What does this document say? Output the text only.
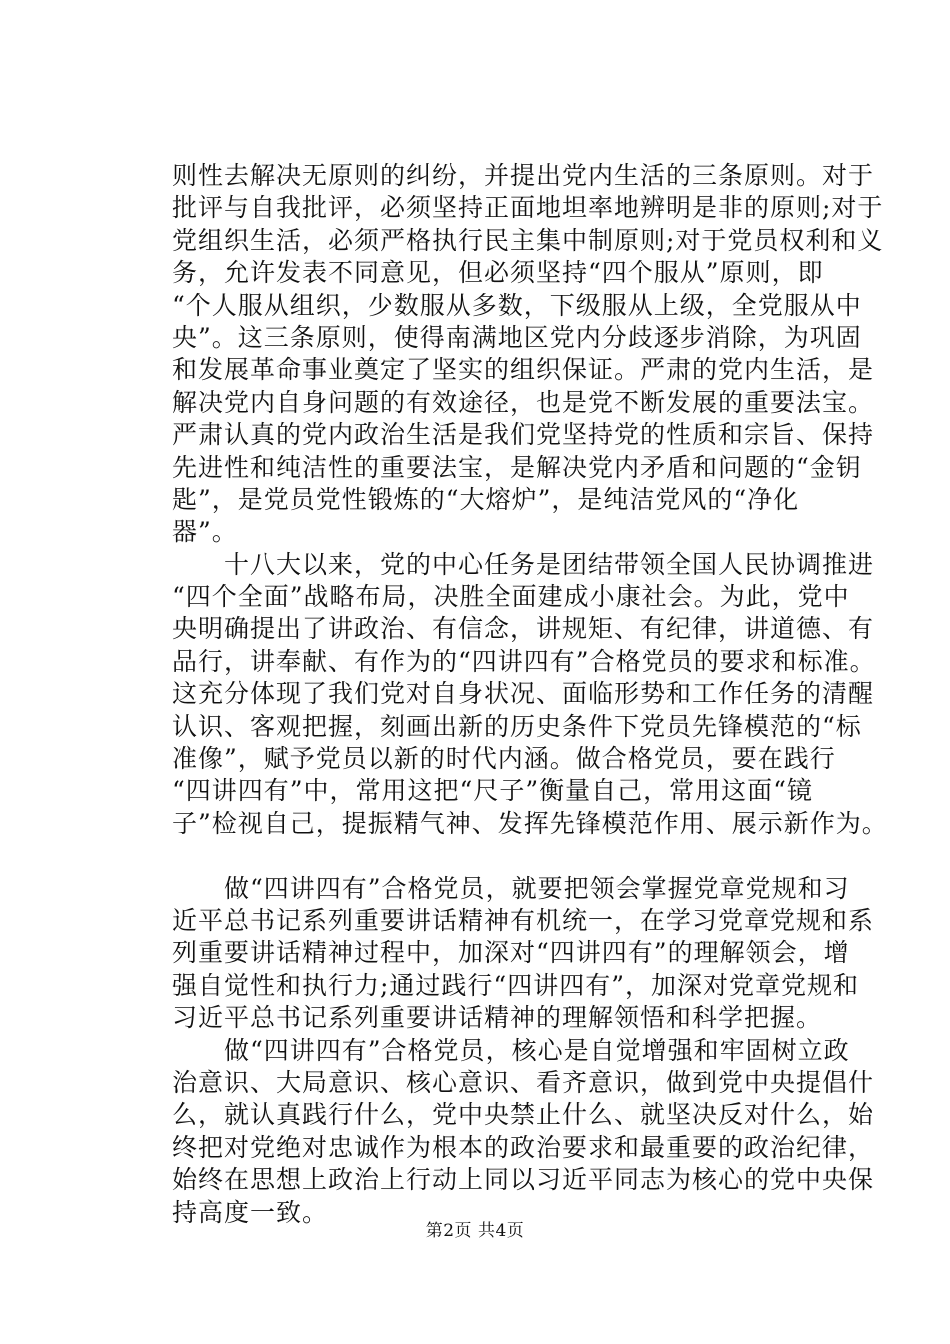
则性去解决无原则的纠纷，并提出党内生活的三条原则。对于
批评与自我批评，必须坚持正面地坦率地辨明是非的原则;对于
党组织生活，必须严格执行民主集中制原则;对于党员权利和义
务，允许发表不同意见，但必须坚持“四个服从”原则，即
“个人服从组织，少数服从多数，下级服从上级，全党服从中
央”。这三条原则，使得南满地区党内分歧逐步消除，为巩固
和发展革命事业奠定了坚实的组织保证。严肃的党内生活，是
解决党内自身问题的有效途径，也是党不断发展的重要法宝。
严肃认真的党内政治生活是我们党坚持党的性质和宗旨、保持
先进性和纯洁性的重要法宝，是解决党内矛盾和问题的“金钥
匙”，是党员党性锻炼的“大熔炉”，是纯洁党风的“净化
器”。
　　十八大以来，党的中心任务是团结带领全国人民协调推进
“四个全面”战略布局，决胜全面建成小康社会。为此，党中
央明确提出了讲政治、有信念，讲规矩、有纪律，讲道德、有
品行，讲奉献、有作为的“四讲四有”合格党员的要求和标准。
这充分体现了我们党对自身状况、面临形势和工作任务的清醒
认识、客观把握，刻画出新的历史条件下党员先锋模范的“标
准像”，赋予党员以新的时代内涵。做合格党员，要在践行
“四讲四有”中，常用这把“尺子”衡量自己，常用这面“镜
子”检视自己，提振精气神、发挥先锋模范作用、展示新作为。
　　做“四讲四有”合格党员，就要把领会掌握党章党规和习
近平总书记系列重要讲话精神有机统一，在学习党章党规和系
列重要讲话精神过程中，加深对“四讲四有”的理解领会，增
强自觉性和执行力;通过践行“四讲四有”，加深对党章党规和
习近平总书记系列重要讲话精神的理解领悟和科学把握。
　　做“四讲四有”合格党员，核心是自觉增强和牢固树立政
治意识、大局意识、核心意识、看齐意识，做到党中央提倡什
么，就认真践行什么，党中央禁止什么、就坚决反对什么，始
终把对党绝对忠诚作为根本的政治要求和最重要的政治纪律，
始终在思想上政治上行动上同以习近平同志为核心的党中央保
持高度一致。
第2页 共4页
